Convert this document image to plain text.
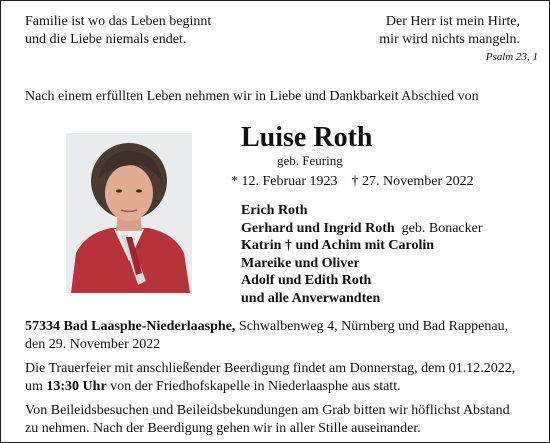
Familie ist wo das Leben beginnt
und die Liebe niemals endet.
Der Herr ist mein Hirte,
mir wird nichts mangeln.
Psalm 23, 1
Nach einem erfüllten Leben nehmen wir in Liebe und Dankbarkeit Abschied von
Luise Roth
geb. Feuring
* 12. Februar 1923 † 27. November 2022
Erich Roth
Gerhard und Ingrid Roth geb. Bonacker
Katrin † und Achim mit Carolin
Mareike und Oliver
Adolf und Edith Roth
und alle Anverwandten

57334 Bad Laasphe-Niederlaasphe, Schwalbenweg 4, Nürnberg und Bad Rappenau,

den 29. November 2022

Die Trauerfeier mit anschließender Beerdigung findet am Donnerstag, dem 01.12.2022,

um 13:30 Uhr von der Friedhofskapelle in Niederlaasphe aus statt.

Von Beileidsbesuchen und Beileidsbekundungen am Grab bitten wir höflichst Abstand

zu nehmen. Nach der Beerdigung gehen wir in aller Stille auseinander.
